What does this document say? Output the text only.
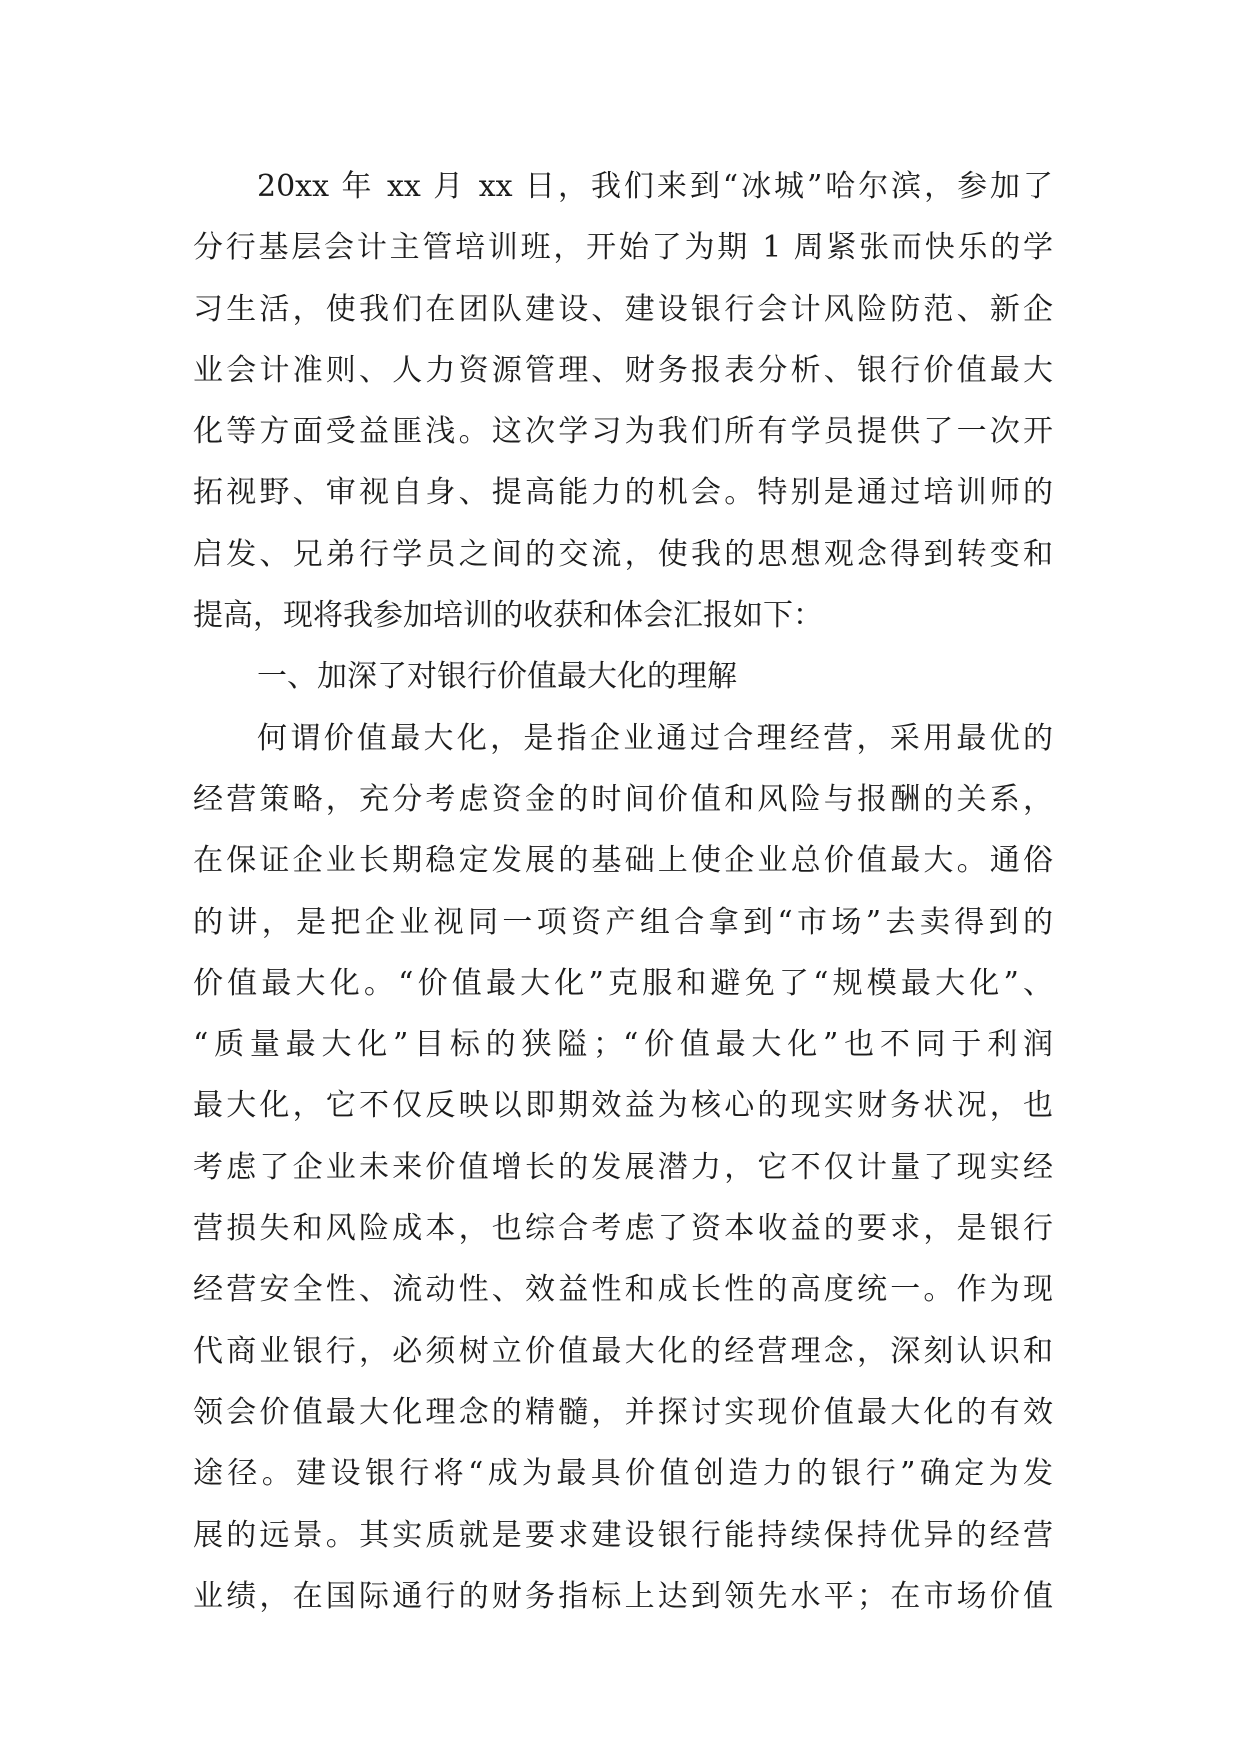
20xx 年 xx 月 xx 日，我们来到“冰城”哈尔滨，参加了
分行基层会计主管培训班，开始了为期 1 周紧张而快乐的学
习生活，使我们在团队建设、建设银行会计风险防范、新企
业会计准则、人力资源管理、财务报表分析、银行价值最大
化等方面受益匪浅。这次学习为我们所有学员提供了一次开
拓视野、审视自身、提高能力的机会。特别是通过培训师的
启发、兄弟行学员之间的交流，使我的思想观念得到转变和
提高，现将我参加培训的收获和体会汇报如下：
一、加深了对银行价值最大化的理解
何谓价值最大化，是指企业通过合理经营，采用最优的
经营策略，充分考虑资金的时间价值和风险与报酬的关系，
在保证企业长期稳定发展的基础上使企业总价值最大。通俗
的讲，是把企业视同一项资产组合拿到“市场”去卖得到的
价值最大化。“价值最大化”克服和避免了“规模最大化”、
“质量最大化”目标的狭隘；“价值最大化”也不同于利润
最大化，它不仅反映以即期效益为核心的现实财务状况，也
考虑了企业未来价值增长的发展潜力，它不仅计量了现实经
营损失和风险成本，也综合考虑了资本收益的要求，是银行
经营安全性、流动性、效益性和成长性的高度统一。作为现
代商业银行，必须树立价值最大化的经营理念，深刻认识和
领会价值最大化理念的精髓，并探讨实现价值最大化的有效
途径。建设银行将“成为最具价值创造力的银行”确定为发
展的远景。其实质就是要求建设银行能持续保持优异的经营
业绩，在国际通行的财务指标上达到领先水平；在市场价值
